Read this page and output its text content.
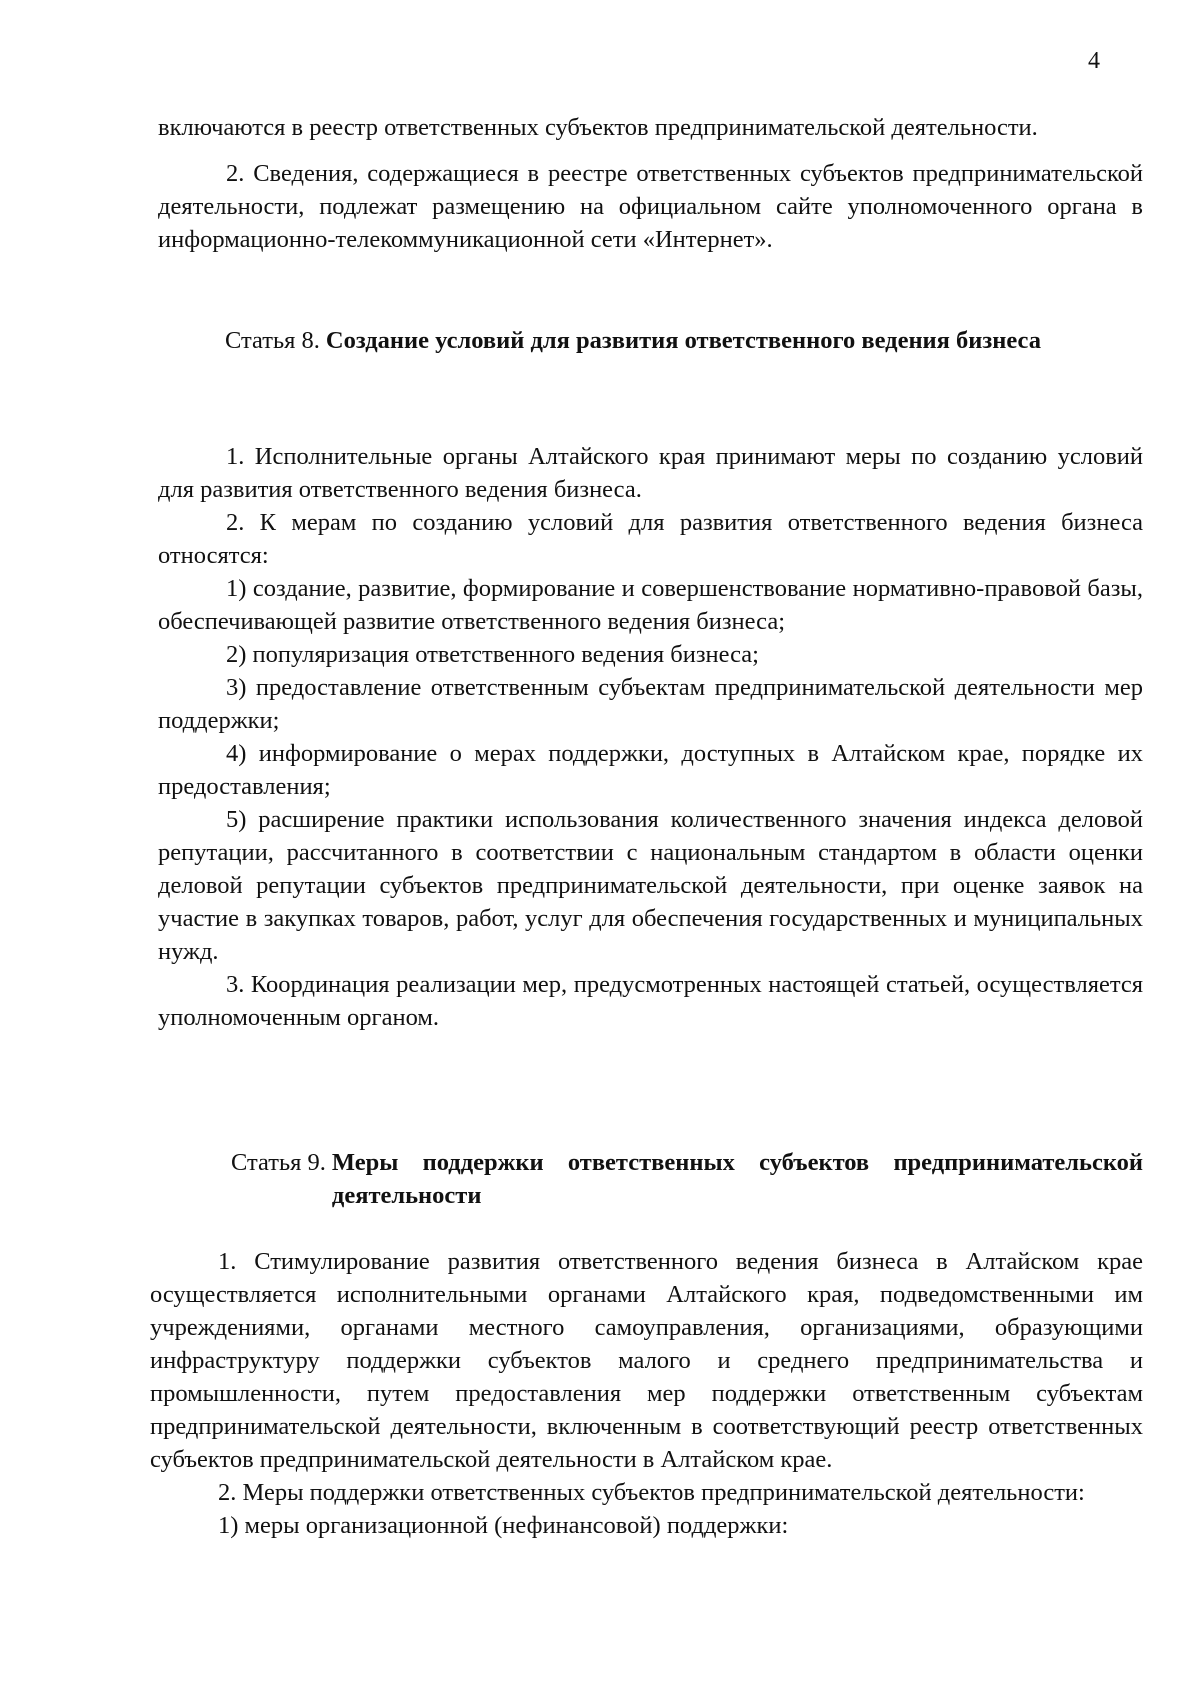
4

включаются в реестр ответственных субъектов предпринимательской деятельности.

2. Сведения, содержащиеся в реестре ответственных субъектов предпринимательской деятельности, подлежат размещению на официальном сайте уполномоченного органа в информационно-телекоммуникационной сети «Интернет».

Статья 8. Создание условий для развития ответственного ведения бизнеса

1. Исполнительные органы Алтайского края принимают меры по созданию условий для развития ответственного ведения бизнеса.

2. К мерам по созданию условий для развития ответственного ведения бизнеса относятся:

1) создание, развитие, формирование и совершенствование нормативно-правовой базы, обеспечивающей развитие ответственного ведения бизнеса;

2) популяризация ответственного ведения бизнеса;

3) предоставление ответственным субъектам предпринимательской деятельности мер поддержки;

4) информирование о мерах поддержки, доступных в Алтайском крае, порядке их предоставления;

5) расширение практики использования количественного значения индекса деловой репутации, рассчитанного в соответствии с национальным стандартом в области оценки деловой репутации субъектов предпринимательской деятельности, при оценке заявок на участие в закупках товаров, работ, услуг для обеспечения государственных и муниципальных нужд.

3. Координация реализации мер, предусмотренных настоящей статьей, осуществляется уполномоченным органом.

Статья 9. Меры поддержки ответственных субъектов предпринимательской деятельности

1. Стимулирование развития ответственного ведения бизнеса в Алтайском крае осуществляется исполнительными органами Алтайского края, подведомственными им учреждениями, органами местного самоуправления, организациями, образующими инфраструктуру поддержки субъектов малого и среднего предпринимательства и промышленности, путем предоставления мер поддержки ответственным субъектам предпринимательской деятельности, включенным в соответствующий реестр ответственных субъектов предпринимательской деятельности в Алтайском крае.

2. Меры поддержки ответственных субъектов предпринимательской деятельности:

1) меры организационной (нефинансовой) поддержки:
